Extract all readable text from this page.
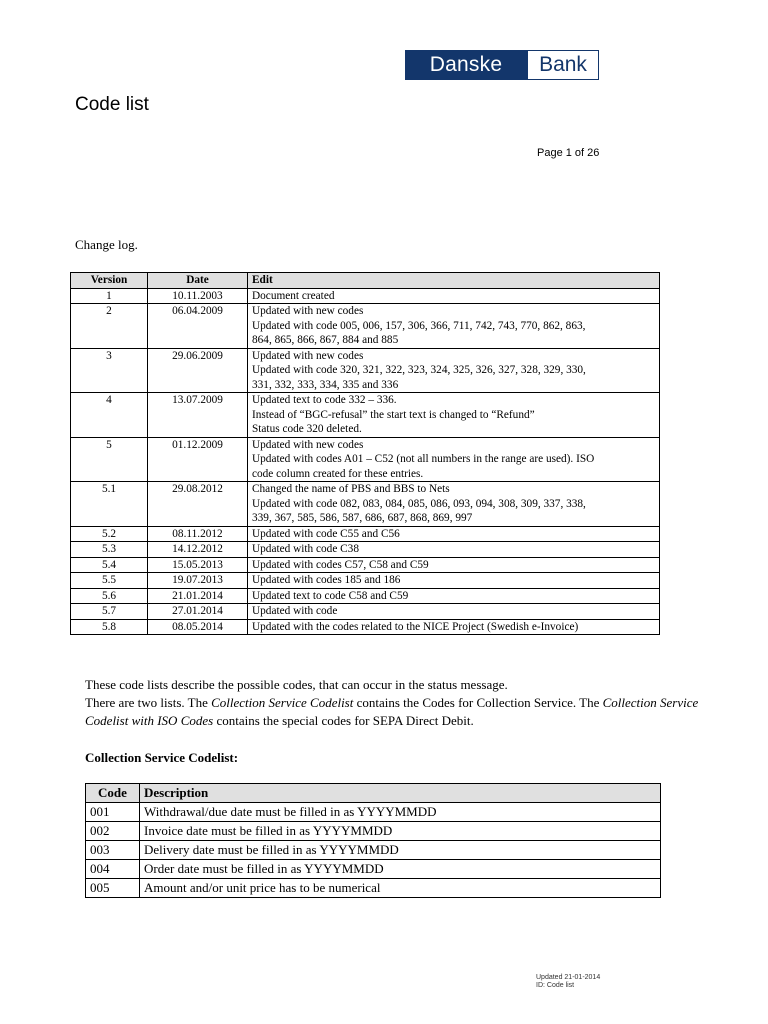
Danske	Bank
Code list
Page 1 of 26
Change log.
Version	Date	Edit
1	10.11.2003	Document created

2	06.04.2009	Updated with new codes
Updated with code 005, 006, 157, 306, 366, 711, 742, 743, 770, 862, 863,
864, 865, 866, 867, 884 and 885

3	29.06.2009	Updated with new codes
Updated with code 320, 321, 322, 323, 324, 325, 326, 327, 328, 329, 330,
331, 332, 333, 334, 335 and 336

4	13.07.2009	Updated text to code 332 – 336.
Instead of “BGC-refusal” the start text is changed to “Refund”
Status code 320 deleted.

5	01.12.2009	Updated with new codes
Updated with codes A01 – C52 (not all numbers in the range are used). ISO
code column created for these entries.

5.1	29.08.2012	Changed the name of PBS and BBS to Nets
Updated with code 082, 083, 084, 085, 086, 093, 094, 308, 309, 337, 338,
339, 367, 585, 586, 587, 686, 687, 868, 869, 997

5.2	08.11.2012	Updated with code C55 and C56

5.3	14.12.2012	Updated with code C38

5.4	15.05.2013	Updated with codes C57, C58 and C59

5.5	19.07.2013	Updated with codes 185 and 186

5.6	21.01.2014	Updated text to code C58 and C59

5.7	27.01.2014	Updated with code

5.8	08.05.2014	Updated with the codes related to the NICE Project (Swedish e-Invoice)

These code lists describe the possible codes, that can occur in the status message.

There are two lists. The Collection Service Codelist contains the Codes for Collection Service. The Collection Service Codelist with ISO Codes contains the special codes for SEPA Direct Debit.

Collection Service Codelist:
Code	Description
001	Withdrawal/due date must be filled in as YYYYMMDD
002	Invoice date must be filled in as YYYYMMDD
003	Delivery date must be filled in as YYYYMMDD
004	Order date must be filled in as YYYYMMDD
005	Amount and/or unit price has to be numerical
Updated 21-01-2014
ID: Code list
